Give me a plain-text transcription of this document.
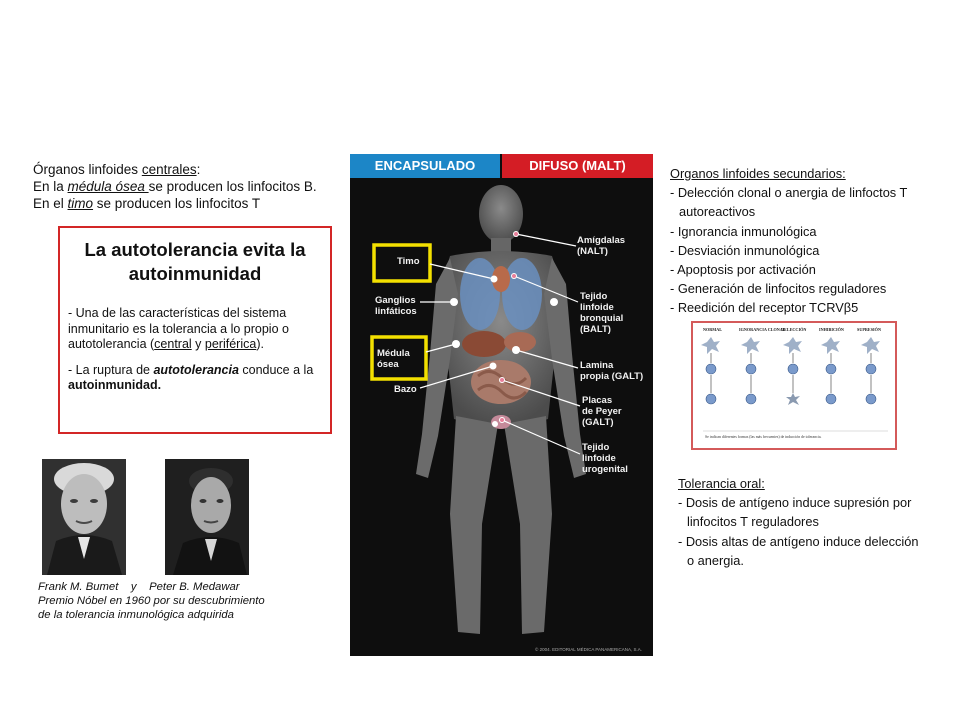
Órganos linfoides centrales:
En la médula ósea se producen los linfocitos B.
En el timo se producen los linfocitos T
La autotolerancia evita la autoinmunidad
- Una de las características del sistema inmunitario es la tolerancia a lo propio o autotolerancia (central y periférica).
- La ruptura de autotolerancia conduce a la autoinmunidad.
Frank M. Bumet    y    Peter B. Medawar
Premio Nóbel en 1960 por su descubrimiento
de la tolerancia inmunológica adquirida
ENCAPSULADO	DIFUSO (MALT)
Timo
Ganglios
linfáticos
Médula
ósea
Bazo
Amígdalas
(NALT)
Tejido
linfoide
bronquial
(BALT)
Lamina
propia (GALT)
Placas
de Peyer
(GALT)
Tejido
linfoide
urogenital
© 2004. EDITORIAL MÉDICA PANAMERICANA, S.A.
Organos linfoides secundarios:
- Delección clonal o anergia de linfoctos T
autoreactivos
- Ignorancia inmunológica
- Desviación inmunológica
- Apoptosis por activación
- Generación de linfocitos reguladores
- Reedición del receptor TCRVβ5
NORMAL	IGNORANCIA CLONAL
DELECCIÓN	INHIBICIÓN	SUPRESIÓN
Se indican diferentes formas (las más frecuentes) de inducción de tolerancia.
Tolerancia oral:
- Dosis de antígeno induce supresión por
linfocitos T reguladores
- Dosis altas de antígeno induce delección
o anergia.
